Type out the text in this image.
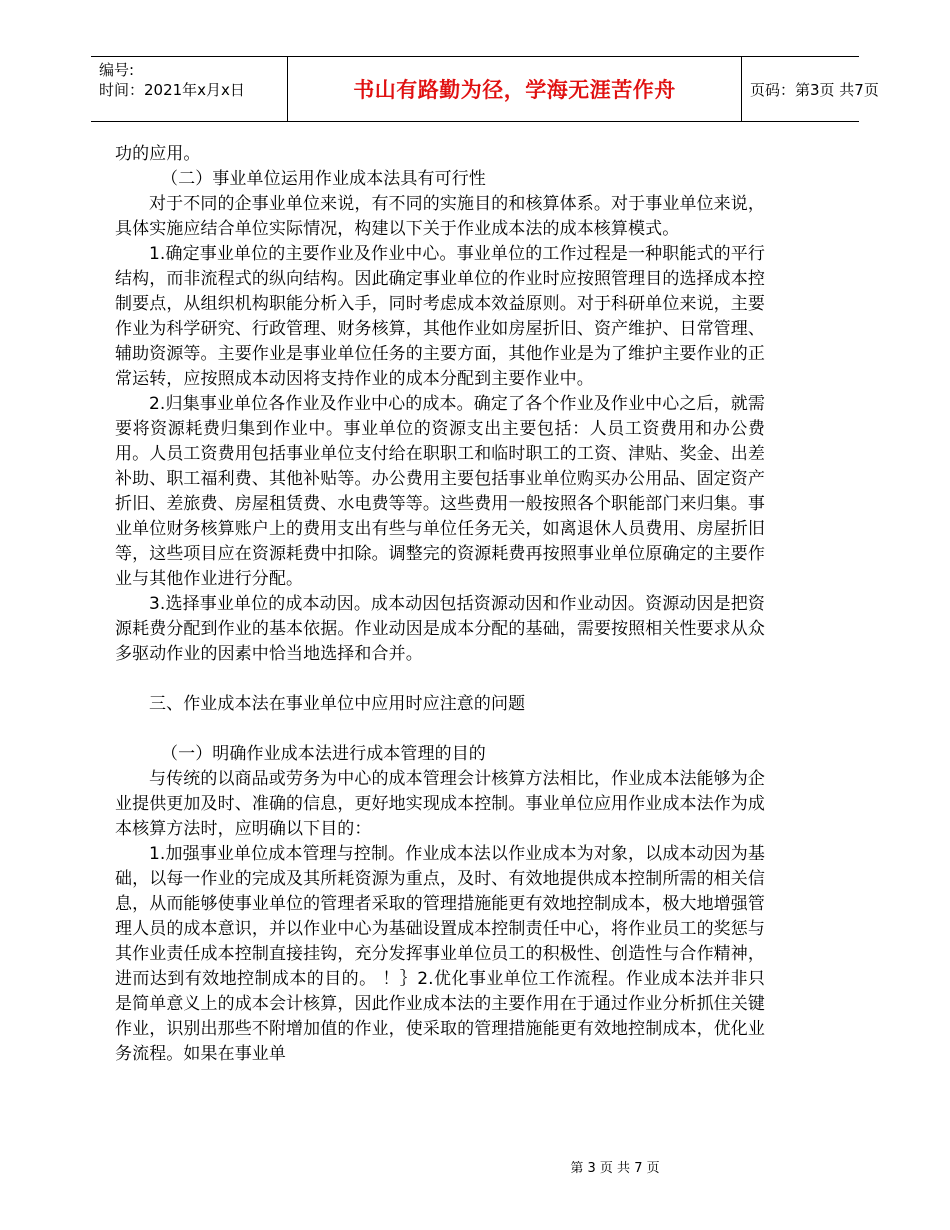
编号:
时间：2021年x月x日	书山有路勤为径，学海无涯苦作舟	页码：第3页 共7页

功的应用。

（二）事业单位运用作业成本法具有可行性

对于不同的企事业单位来说，有不同的实施目的和核算体系。对于事业单位来说，具体实施应结合单位实际情况，构建以下关于作业成本法的成本核算模式。

1.确定事业单位的主要作业及作业中心。事业单位的工作过程是一种职能式的平行结构，而非流程式的纵向结构。因此确定事业单位的作业时应按照管理目的选择成本控制要点，从组织机构职能分析入手，同时考虑成本效益原则。对于科研单位来说，主要作业为科学研究、行政管理、财务核算，其他作业如房屋折旧、资产维护、日常管理、辅助资源等。主要作业是事业单位任务的主要方面，其他作业是为了维护主要作业的正常运转，应按照成本动因将支持作业的成本分配到主要作业中。

2.归集事业单位各作业及作业中心的成本。确定了各个作业及作业中心之后，就需要将资源耗费归集到作业中。事业单位的资源支出主要包括：人员工资费用和办公费用。人员工资费用包括事业单位支付给在职职工和临时职工的工资、津贴、奖金、出差补助、职工福利费、其他补贴等。办公费用主要包括事业单位购买办公用品、固定资产折旧、差旅费、房屋租赁费、水电费等等。这些费用一般按照各个职能部门来归集。事业单位财务核算账户上的费用支出有些与单位任务无关，如离退休人员费用、房屋折旧等，这些项目应在资源耗费中扣除。调整完的资源耗费再按照事业单位原确定的主要作业与其他作业进行分配。

3.选择事业单位的成本动因。成本动因包括资源动因和作业动因。资源动因是把资源耗费分配到作业的基本依据。作业动因是成本分配的基础，需要按照相关性要求从众多驱动作业的因素中恰当地选择和合并。

三、作业成本法在事业单位中应用时应注意的问题

（一）明确作业成本法进行成本管理的目的

与传统的以商品或劳务为中心的成本管理会计核算方法相比，作业成本法能够为企业提供更加及时、准确的信息，更好地实现成本控制。事业单位应用作业成本法作为成本核算方法时，应明确以下目的：

1.加强事业单位成本管理与控制。作业成本法以作业成本为对象，以成本动因为基础，以每一作业的完成及其所耗资源为重点，及时、有效地提供成本控制所需的相关信息，从而能够使事业单位的管理者采取的管理措施能更有效地控制成本，极大地增强管理人员的成本意识，并以作业中心为基础设置成本控制责任中心，将作业员工的奖惩与其作业责任成本控制直接挂钩，充分发挥事业单位员工的积极性、创造性与合作精神，进而达到有效地控制成本的目的。 ！｝2.优化事业单位工作流程。作业成本法并非只是简单意义上的成本会计核算，因此作业成本法的主要作用在于通过作业分析抓住关键作业，识别出那些不附增加值的作业，使采取的管理措施能更有效地控制成本，优化业务流程。如果在事业单

第 3 页 共 7 页
